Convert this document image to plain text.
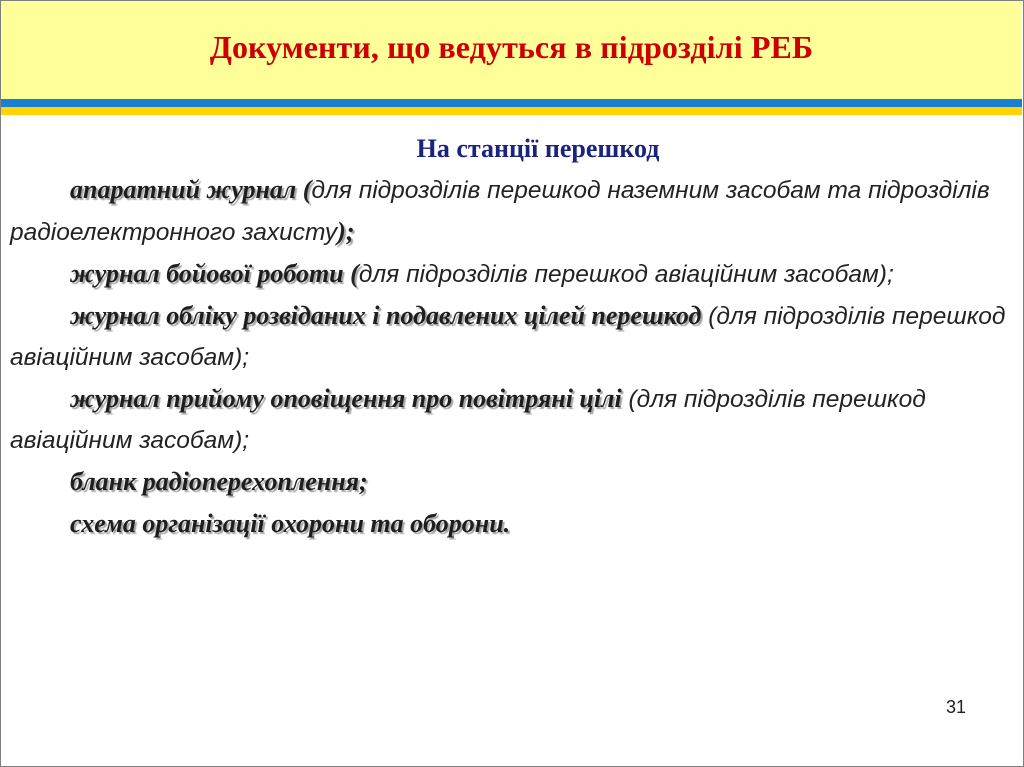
Документи, що ведуться в підрозділі РЕБ
На станції перешкод

апаратний журнал (для підрозділів перешкод наземним засобам та підрозділів радіоелектронного захисту);

журнал бойової роботи (для підрозділів перешкод авіаційним засобам);

журнал обліку розвіданих і подавлених цілей перешкод (для підрозділів перешкод авіаційним засобам);

журнал прийому оповіщення про повітряні цілі (для підрозділів перешкод авіаційним засобам);

бланк радіоперехоплення;

схема організації охорони та оборони.

31
